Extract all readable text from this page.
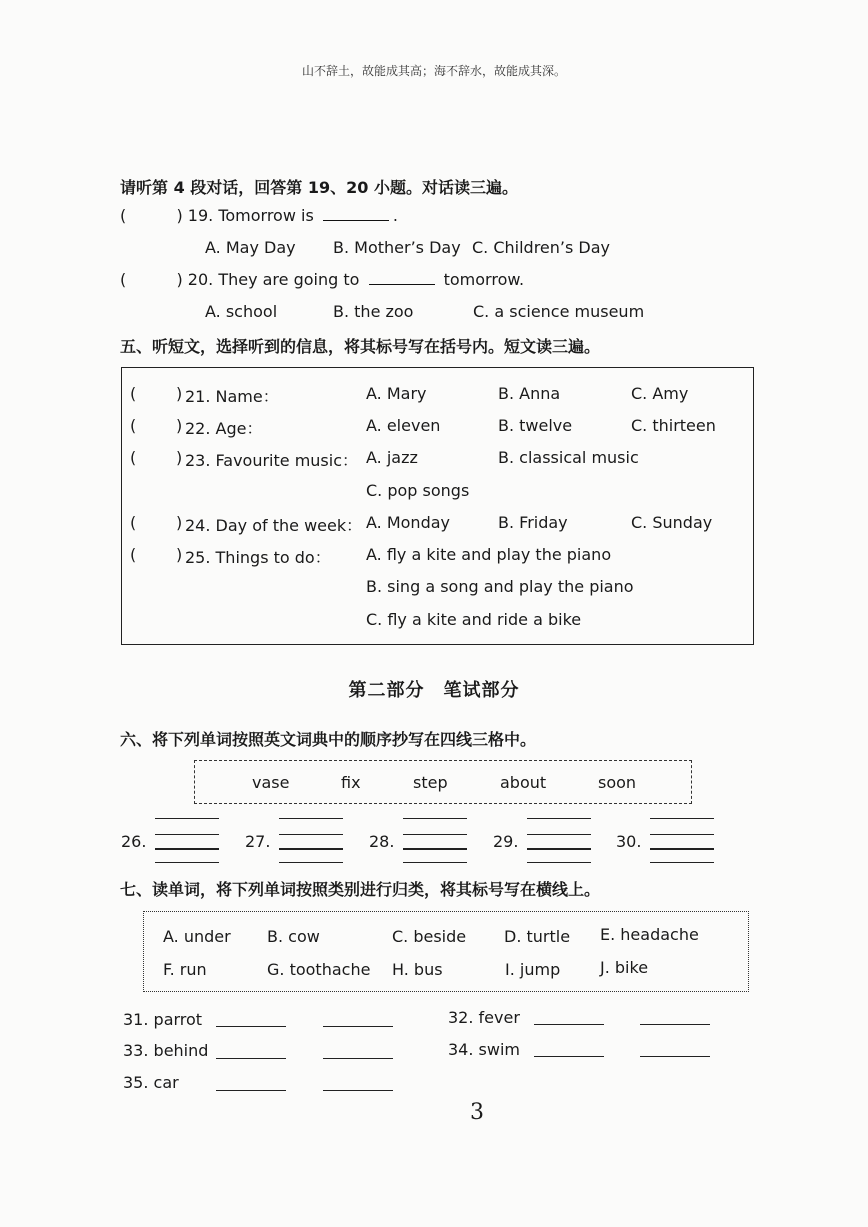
山不辞土，故能成其高；海不辞水，故能成其深。
请听第 4 段对话，回答第 19、20 小题。对话读三遍。
(	) 19. Tomorrow is	.
A. May Day B. Mother’s Day C. Children’s Day
(	) 20. They are going to	tomorrow.
A. school	B. the zoo	C. a science museum
五、听短文，选择听到的信息，将其标号写在括号内。短文读三遍。
( ) 21. Name：	A. Mary	B. Anna	C. Amy
( ) 22. Age：	A. eleven	B. twelve	C. thirteen
( ) 23. Favourite music： A. jazz	B. classical music
C. pop songs
( ) 24. Day of the week： A. Monday	B. Friday	C. Sunday
( ) 25. Things to do： A. fly a kite and play the piano
B. sing a song and play the piano
C. fly a kite and ride a bike
第二部分　笔试部分
六、将下列单词按照英文词典中的顺序抄写在四线三格中。
vase	fix	step	about	soon
26.	27.	28.	29.	30.
七、读单词，将下列单词按照类别进行归类，将其标号写在横线上。
A. under B. cow	C. beside D. turtle E. headache
F. run	G. toothache H. bus	I. jump J. bike
31. parrot	32. fever
33. behind	34. swim
35. car
3
